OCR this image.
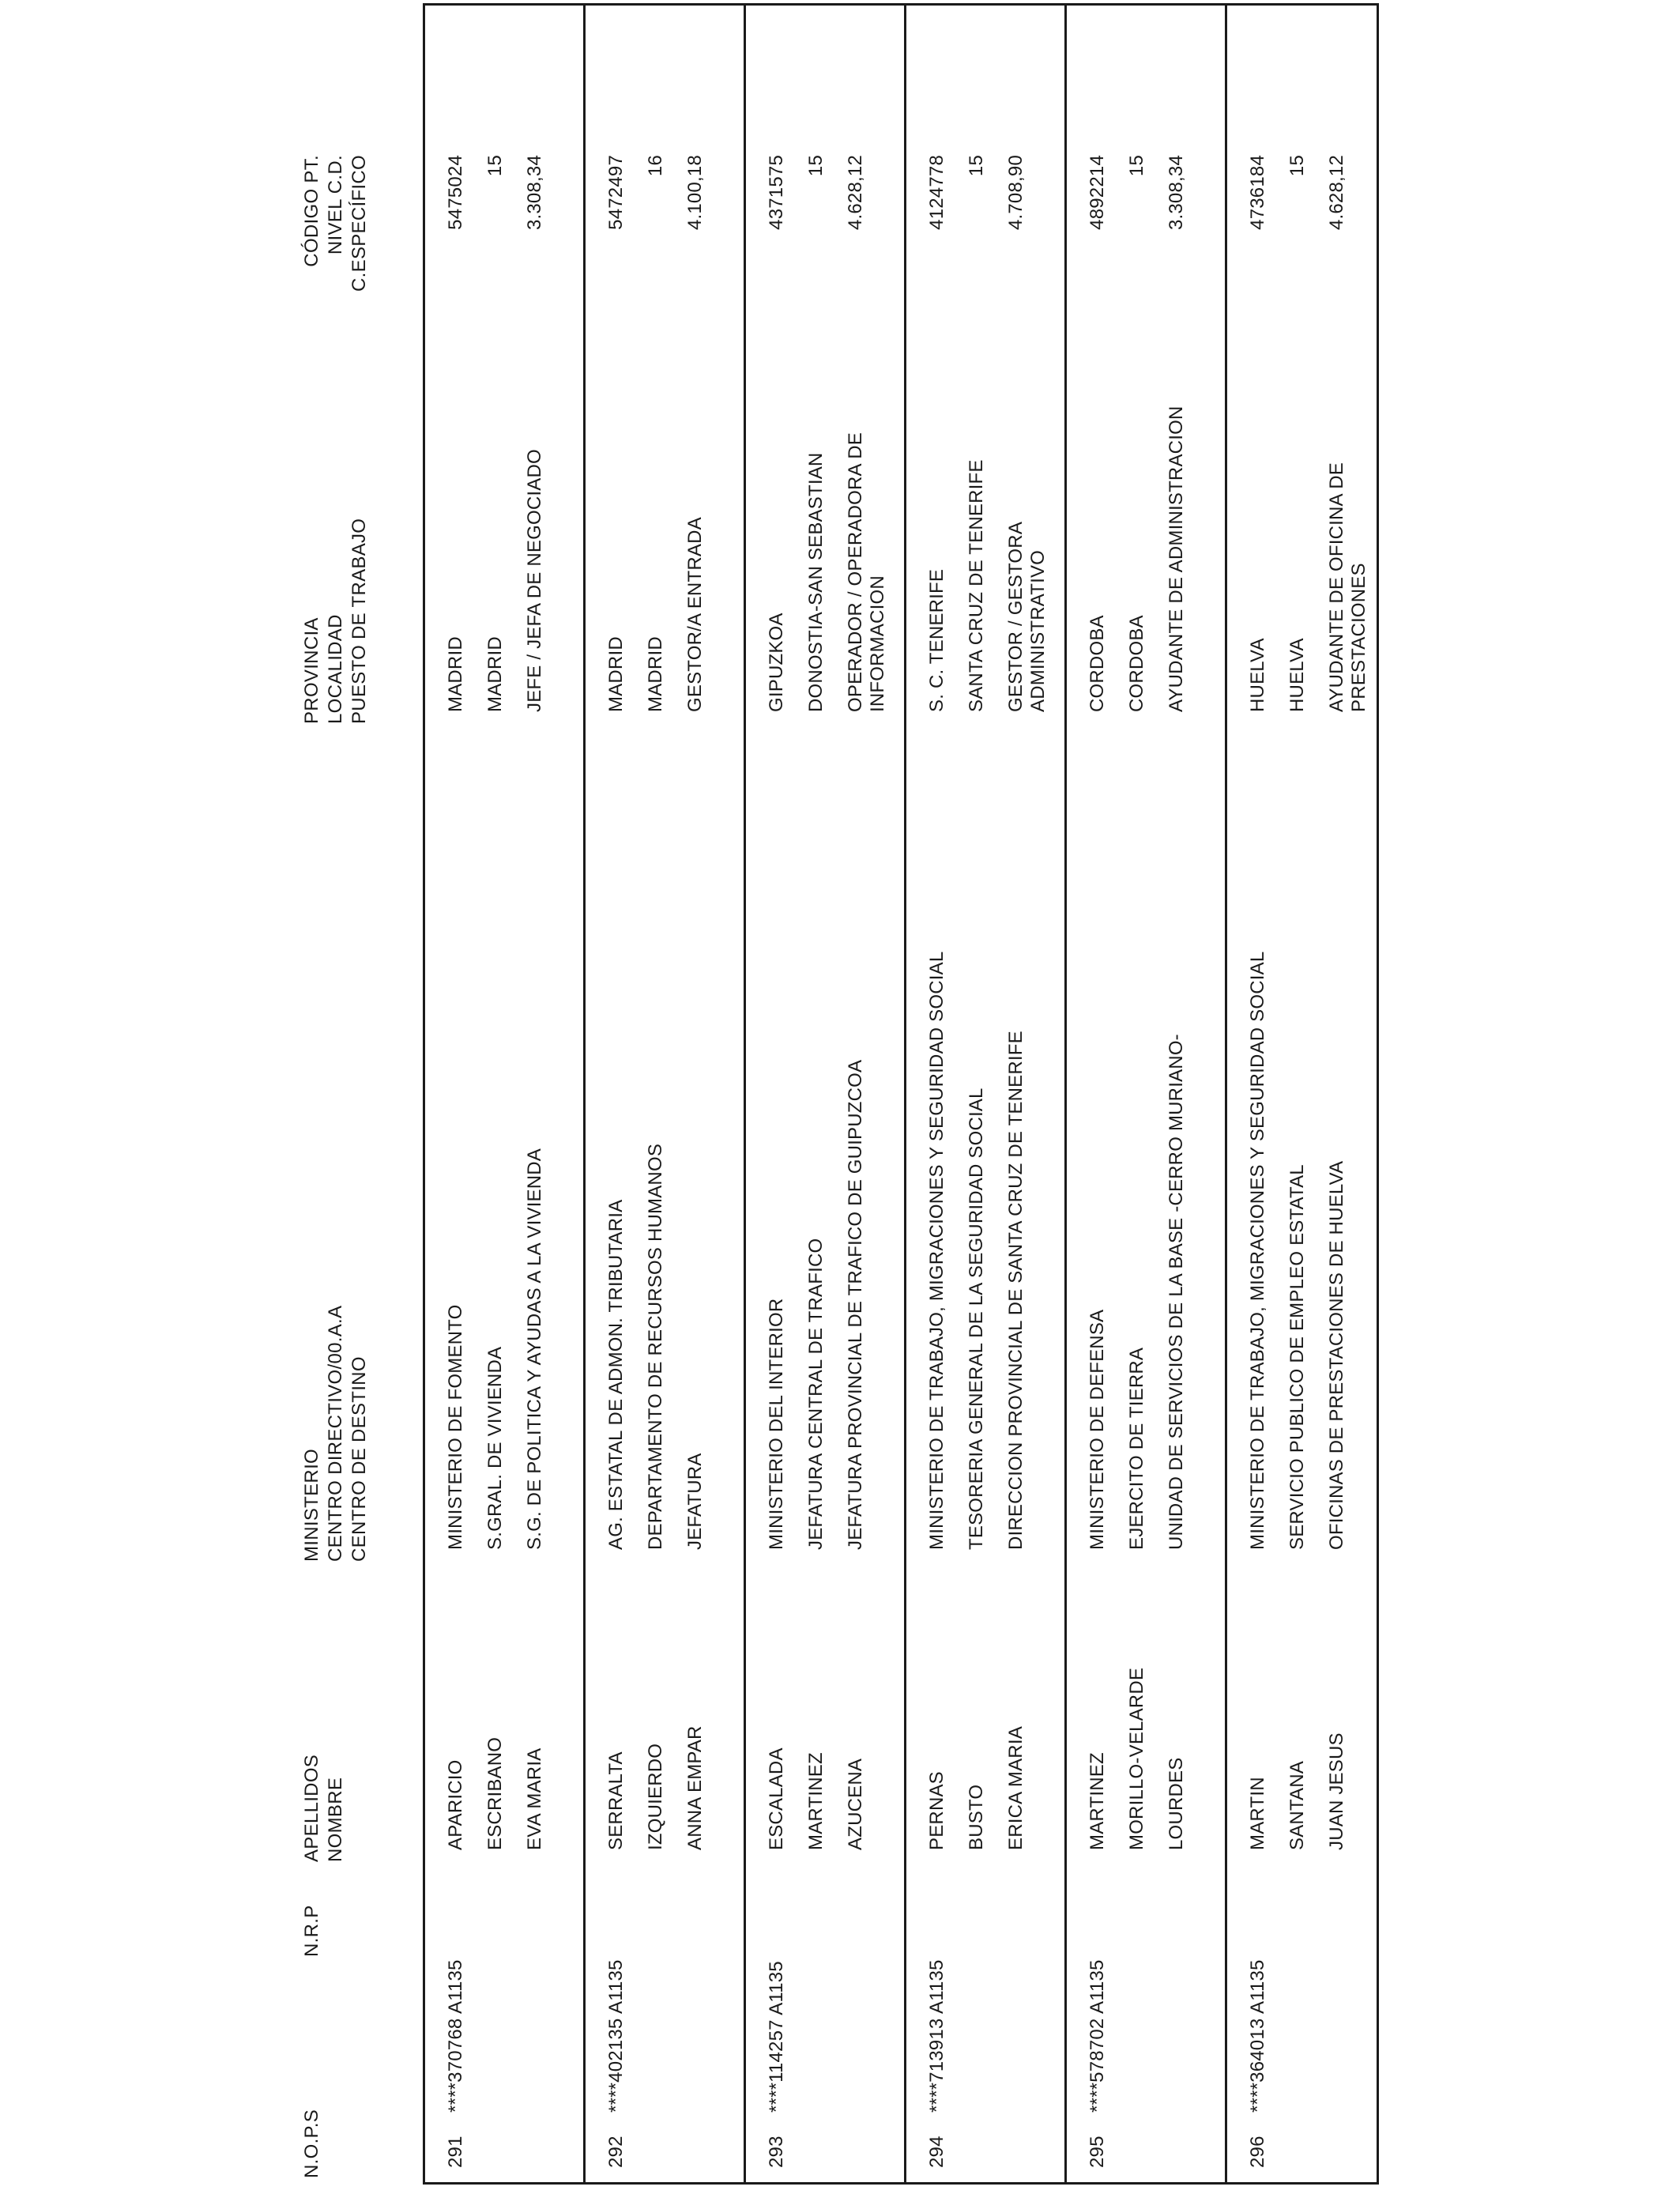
N.O.P.S
N.R.P
APELLIDOS NOMBRE
MINISTERIO CENTRO DIRECTIVO/00.A.A CENTRO DE DESTINO
PROVINCIA LOCALIDAD PUESTO DE TRABAJO
CÓDIGO PT. NIVEL C.D. C.ESPECÍFICO
291
****370768 A1135
APARICIO ESCRIBANO EVA MARIA
MINISTERIO DE FOMENTO S.GRAL. DE VIVIENDA S.G. DE POLITICA Y AYUDAS A LA VIVIENDA
MADRID MADRID JEFE / JEFA DE NEGOCIADO
5475024 15 3.308,34
292
****402135 A1135
SERRALTA IZQUIERDO ANNA EMPAR
AG. ESTATAL DE ADMON. TRIBUTARIA DEPARTAMENTO DE RECURSOS HUMANOS JEFATURA
MADRID MADRID GESTOR/A ENTRADA
5472497 16 4.100,18
293
****114257 A1135
ESCALADA MARTINEZ AZUCENA
MINISTERIO DEL INTERIOR JEFATURA CENTRAL DE TRAFICO JEFATURA PROVINCIAL DE TRAFICO DE GUIPUZCOA
GIPUZKOA DONOSTIA-SAN SEBASTIAN OPERADOR / OPERADORA DE INFORMACION
4371575 15 4.628,12
294
****713913 A1135
PERNAS BUSTO ERICA MARIA
MINISTERIO DE TRABAJO, MIGRACIONES Y SEGURIDAD SOCIAL TESORERIA GENERAL DE LA SEGURIDAD SOCIAL DIRECCION PROVINCIAL DE SANTA CRUZ DE TENERIFE
S. C. TENERIFE SANTA CRUZ DE TENERIFE GESTOR / GESTORA ADMINISTRATIVO
4124778 15 4.708,90
295
****578702 A1135
MARTINEZ MORILLO-VELARDE LOURDES
MINISTERIO DE DEFENSA EJERCITO DE TIERRA UNIDAD DE SERVICIOS DE LA BASE -CERRO MURIANO-
CORDOBA CORDOBA AYUDANTE DE ADMINISTRACION
4892214 15 3.308,34
296
****364013 A1135
MARTIN SANTANA JUAN JESUS
MINISTERIO DE TRABAJO, MIGRACIONES Y SEGURIDAD SOCIAL SERVICIO PUBLICO DE EMPLEO ESTATAL OFICINAS DE PRESTACIONES DE HUELVA
HUELVA HUELVA AYUDANTE DE OFICINA DE PRESTACIONES
4736184 15 4.628,12
